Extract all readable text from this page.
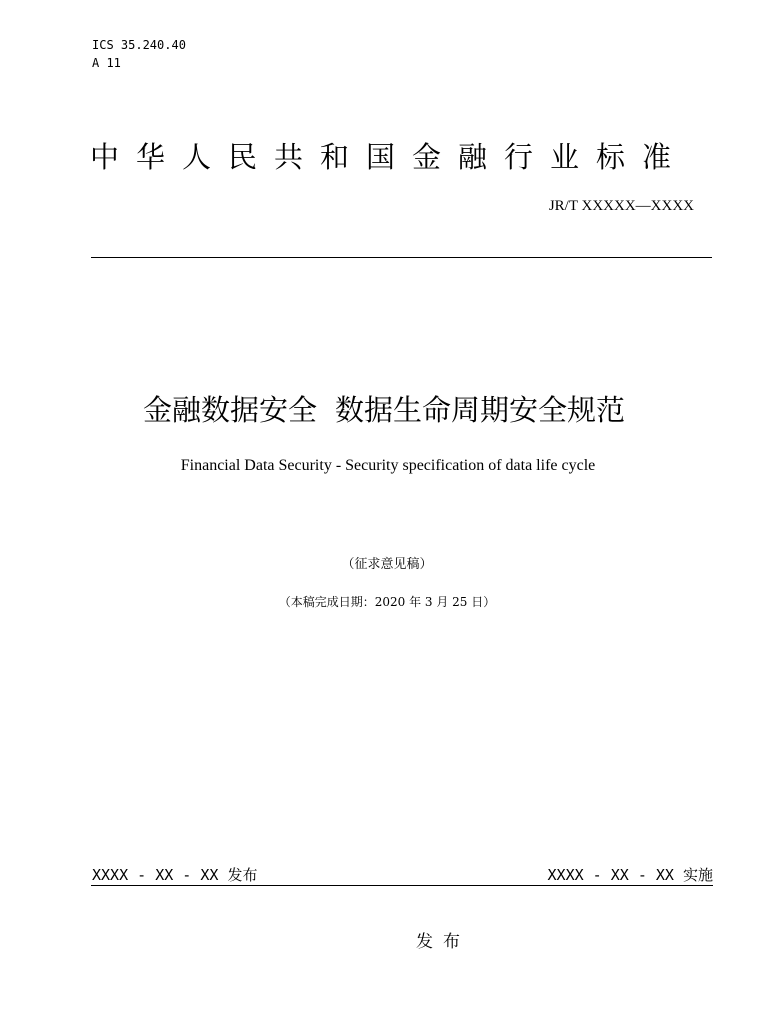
ICS 35.240.40
A 11
中华人民共和国金融行业标准
JR/T XXXXX—XXXX
金融数据安全 数据生命周期安全规范
Financial Data Security - Security specification of data life cycle
（征求意见稿）
（本稿完成日期：2020 年 3 月 25 日）
XXXX - XX - XX 发布	XXXX - XX - XX 实施
发布
